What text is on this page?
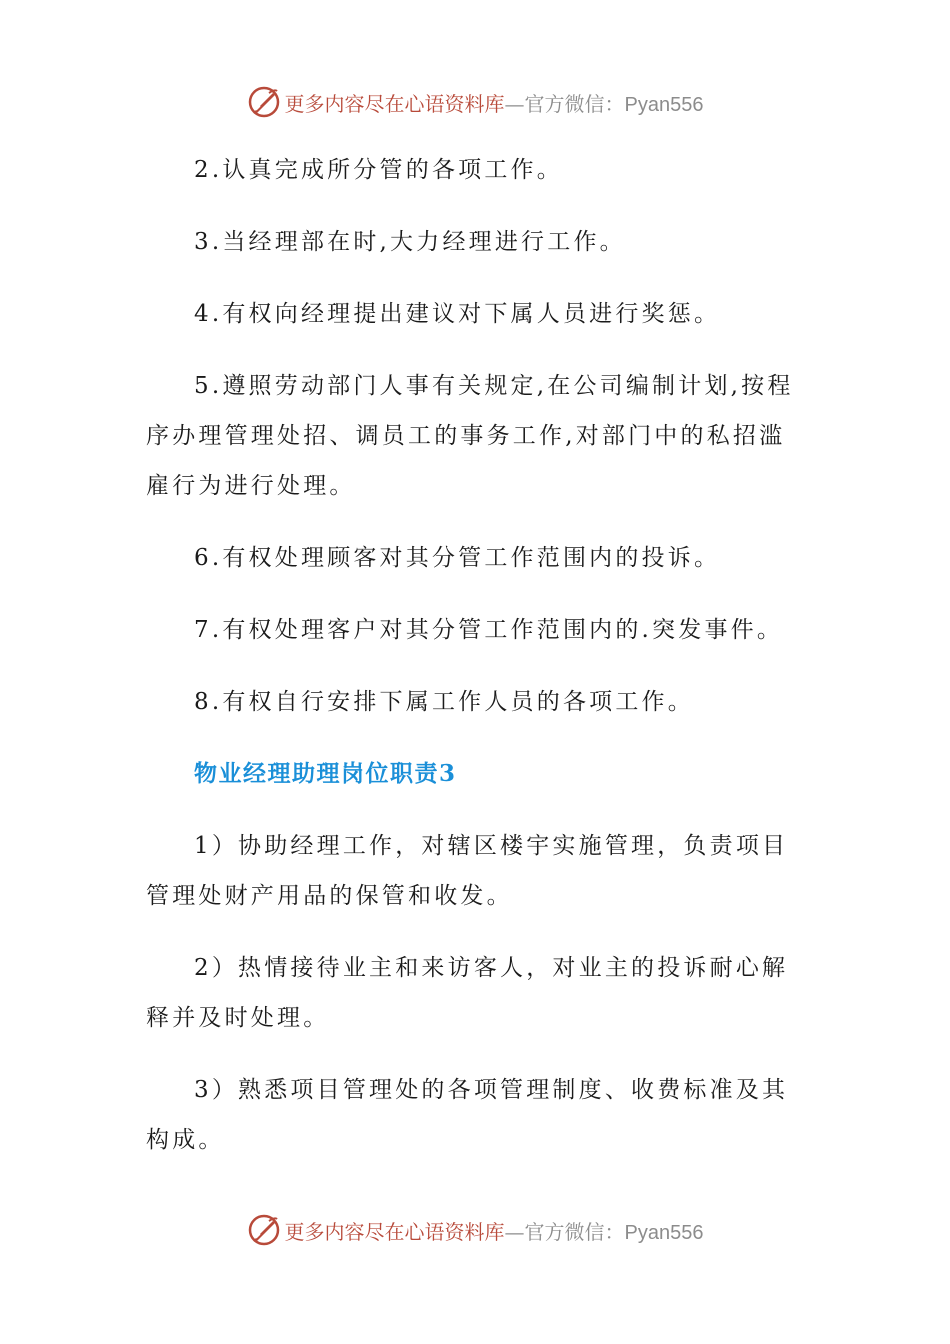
更多内容尽在心语资料库—官方微信：Pyan556

2.认真完成所分管的各项工作。

3.当经理部在时,大力经理进行工作。

4.有权向经理提出建议对下属人员进行奖惩。

5.遵照劳动部门人事有关规定,在公司编制计划,按程序办理管理处招、调员工的事务工作,对部门中的私招滥雇行为进行处理。

6.有权处理顾客对其分管工作范围内的投诉。

7.有权处理客户对其分管工作范围内的.突发事件。

8.有权自行安排下属工作人员的各项工作。

物业经理助理岗位职责3

1）协助经理工作，对辖区楼宇实施管理，负责项目管理处财产用品的保管和收发。

2）热情接待业主和来访客人，对业主的投诉耐心解释并及时处理。

3）熟悉项目管理处的各项管理制度、收费标准及其构成。

更多内容尽在心语资料库—官方微信：Pyan556
